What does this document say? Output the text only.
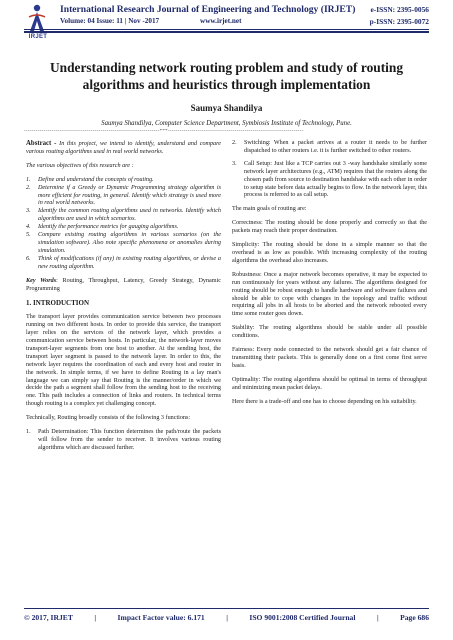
IRJET
International Research Journal of Engineering and Technology (IRJET)
Volume: 04 Issue: 11 | Nov -2017	www.irjet.net
e-ISSN: 2395-0056
p-ISSN: 2395-0072
Understanding network routing problem and study of routing algorithms and heuristics through implementation
Saumya Shandilya
Saumya Shandilya, Computer Science Department, Symbiosis Institute of Technology, Pune.
---------------------------------------------------------------------***---------------------------------------------------------------------

Abstract - In this project, we intend to identify, understand and compare various routing algorithms used in real world networks.

The various objectives of this research are :

1. Define and understand the concepts of routing.
2. Determine if a Greedy or Dynamic Programming strategy algorithm is more efficient for routing, in general. Identify which strategy is used more in real world networks.
3. Identify the common routing algorithms used in networks. Identify which algorithms are used in which scenarios.
4. Identify the performance metrics for gauging algorithms.
5. Compare existing routing algorithms in various scenarios (on the simulation software). Also note specific phenomena or anomalies during simulation.
6. Think of modifications (if any) in existing routing algorithms, or devise a new routing algorithm.

Key Words: Routing, Throughput, Latency, Greedy Strategy, Dynamic Programming

1. INTRODUCTION

The transport layer provides communication service between two processes running on two different hosts. In order to provide this service, the transport layer relies on the services of the network layer, which provides a communication service between hosts. In particular, the network-layer moves transport-layer segments from one host to another. At the sending host, the transport layer segment is passed to the network layer. In order to this, the network layer requires the coordination of each and every host and router in the network. In simple terms, if we have to define Routing in a lay man's language we can simply say that Routing is the manner/order in which we decide the path a segment shall follow from the sending host to the receiving one. This path includes a connection of links and routers. In technical terms though routing is a complex yet challenging concept.

Technically, Routing broadly consists of the following 3 functions:

1. Path Determination: This function determines the path/route the packets will follow from the sender to receiver. It involves various routing algorithms which are discussed further.
2. Switching: When a packet arrives at a router it needs to be further dispatched to other routers i.e. it is further switched to other routers.
3. Call Setup: Just like a TCP carries out 3 -way handshake similarly some network layer architectures (e.g., ATM) requires that the routers along the chosen path from source to destination handshake with each other in order to setup state before data actually begins to flow. In the network layer, this process is referred to as call setup.

The main goals of routing are:

Correctness: The routing should be done properly and correctly so that the packets may reach their proper destination.

Simplicity: The routing should be done in a simple manner so that the overhead is as low as possible. With increasing complexity of the routing algorithms the overhead also increases.

Robustness: Once a major network becomes operative, it may be expected to run continuously for years without any failures. The algorithms designed for routing should be robust enough to handle hardware and software failures and should be able to cope with changes in the topology and traffic without requiring all jobs in all hosts to be aborted and the network rebooted every time some router goes down.

Stability: The routing algorithms should be stable under all possible conditions.

Fairness: Every node connected to the network should get a fair chance of transmitting their packets. This is generally done on a first come first serve basis.

Optimality: The routing algorithms should be optimal in terms of throughput and minimizing mean packet delays.

Here there is a trade-off and one has to choose depending on his suitability.

© 2017, IRJET	|	Impact Factor value: 6.171	|	ISO 9001:2008 Certified Journal	|	Page 686
